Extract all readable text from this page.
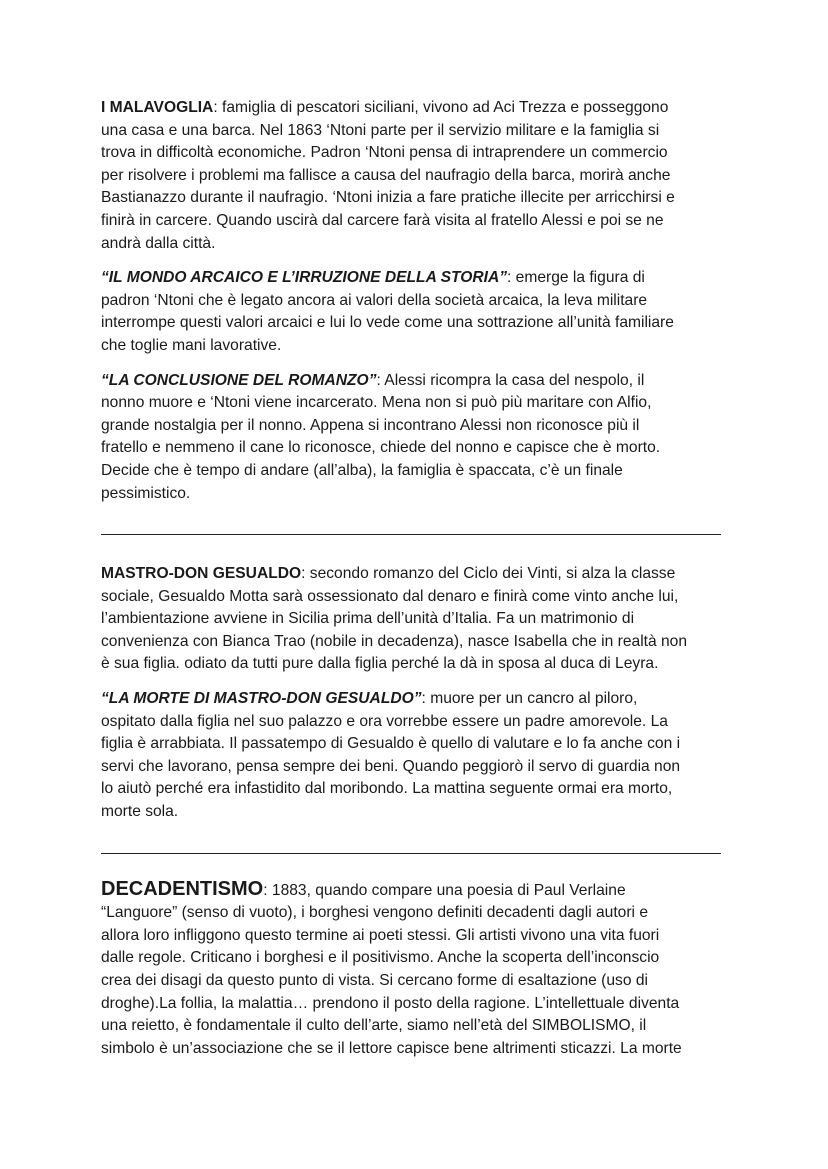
I MALAVOGLIA: famiglia di pescatori siciliani, vivono ad Aci Trezza e posseggono
una casa e una barca. Nel 1863 ‘Ntoni parte per il servizio militare e la famiglia si
trova in difficoltà economiche. Padron ‘Ntoni pensa di intraprendere un commercio
per risolvere i problemi ma fallisce a causa del naufragio della barca, morirà anche
Bastianazzo durante il naufragio. ‘Ntoni inizia a fare pratiche illecite per arricchirsi e
finirà in carcere. Quando uscirà dal carcere farà visita al fratello Alessi e poi se ne
andrà dalla città.

“IL MONDO ARCAICO E L’IRRUZIONE DELLA STORIA”: emerge la figura di
padron ‘Ntoni che è legato ancora ai valori della società arcaica, la leva militare
interrompe questi valori arcaici e lui lo vede come una sottrazione all’unità familiare
che toglie mani lavorative.

“LA CONCLUSIONE DEL ROMANZO”: Alessi ricompra la casa del nespolo, il
nonno muore e ‘Ntoni viene incarcerato. Mena non si può più maritare con Alfio,
grande nostalgia per il nonno. Appena si incontrano Alessi non riconosce più il
fratello e nemmeno il cane lo riconosce, chiede del nonno e capisce che è morto.
Decide che è tempo di andare (all’alba), la famiglia è spaccata, c’è un finale
pessimistico.

MASTRO-DON GESUALDO: secondo romanzo del Ciclo dei Vinti, si alza la classe
sociale, Gesualdo Motta sarà ossessionato dal denaro e finirà come vinto anche lui,
l’ambientazione avviene in Sicilia prima dell’unità d’Italia. Fa un matrimonio di
convenienza con Bianca Trao (nobile in decadenza), nasce Isabella che in realtà non
è sua figlia. odiato da tutti pure dalla figlia perché la dà in sposa al duca di Leyra.

“LA MORTE DI MASTRO-DON GESUALDO”: muore per un cancro al piloro,
ospitato dalla figlia nel suo palazzo e ora vorrebbe essere un padre amorevole. La
figlia è arrabbiata. Il passatempo di Gesualdo è quello di valutare e lo fa anche con i
servi che lavorano, pensa sempre dei beni. Quando peggiorò il servo di guardia non
lo aiutò perché era infastidito dal moribondo. La mattina seguente ormai era morto,
morte sola.

DECADENTISMO: 1883, quando compare una poesia di Paul Verlaine
“Languore” (senso di vuoto), i borghesi vengono definiti decadenti dagli autori e
allora loro infliggono questo termine ai poeti stessi. Gli artisti vivono una vita fuori
dalle regole. Criticano i borghesi e il positivismo. Anche la scoperta dell’inconscio
crea dei disagi da questo punto di vista. Si cercano forme di esaltazione (uso di
droghe).La follia, la malattia… prendono il posto della ragione. L’intellettuale diventa
una reietto, è fondamentale il culto dell’arte, siamo nell’età del SIMBOLISMO, il
simbolo è un’associazione che se il lettore capisce bene altrimenti sticazzi. La morte
